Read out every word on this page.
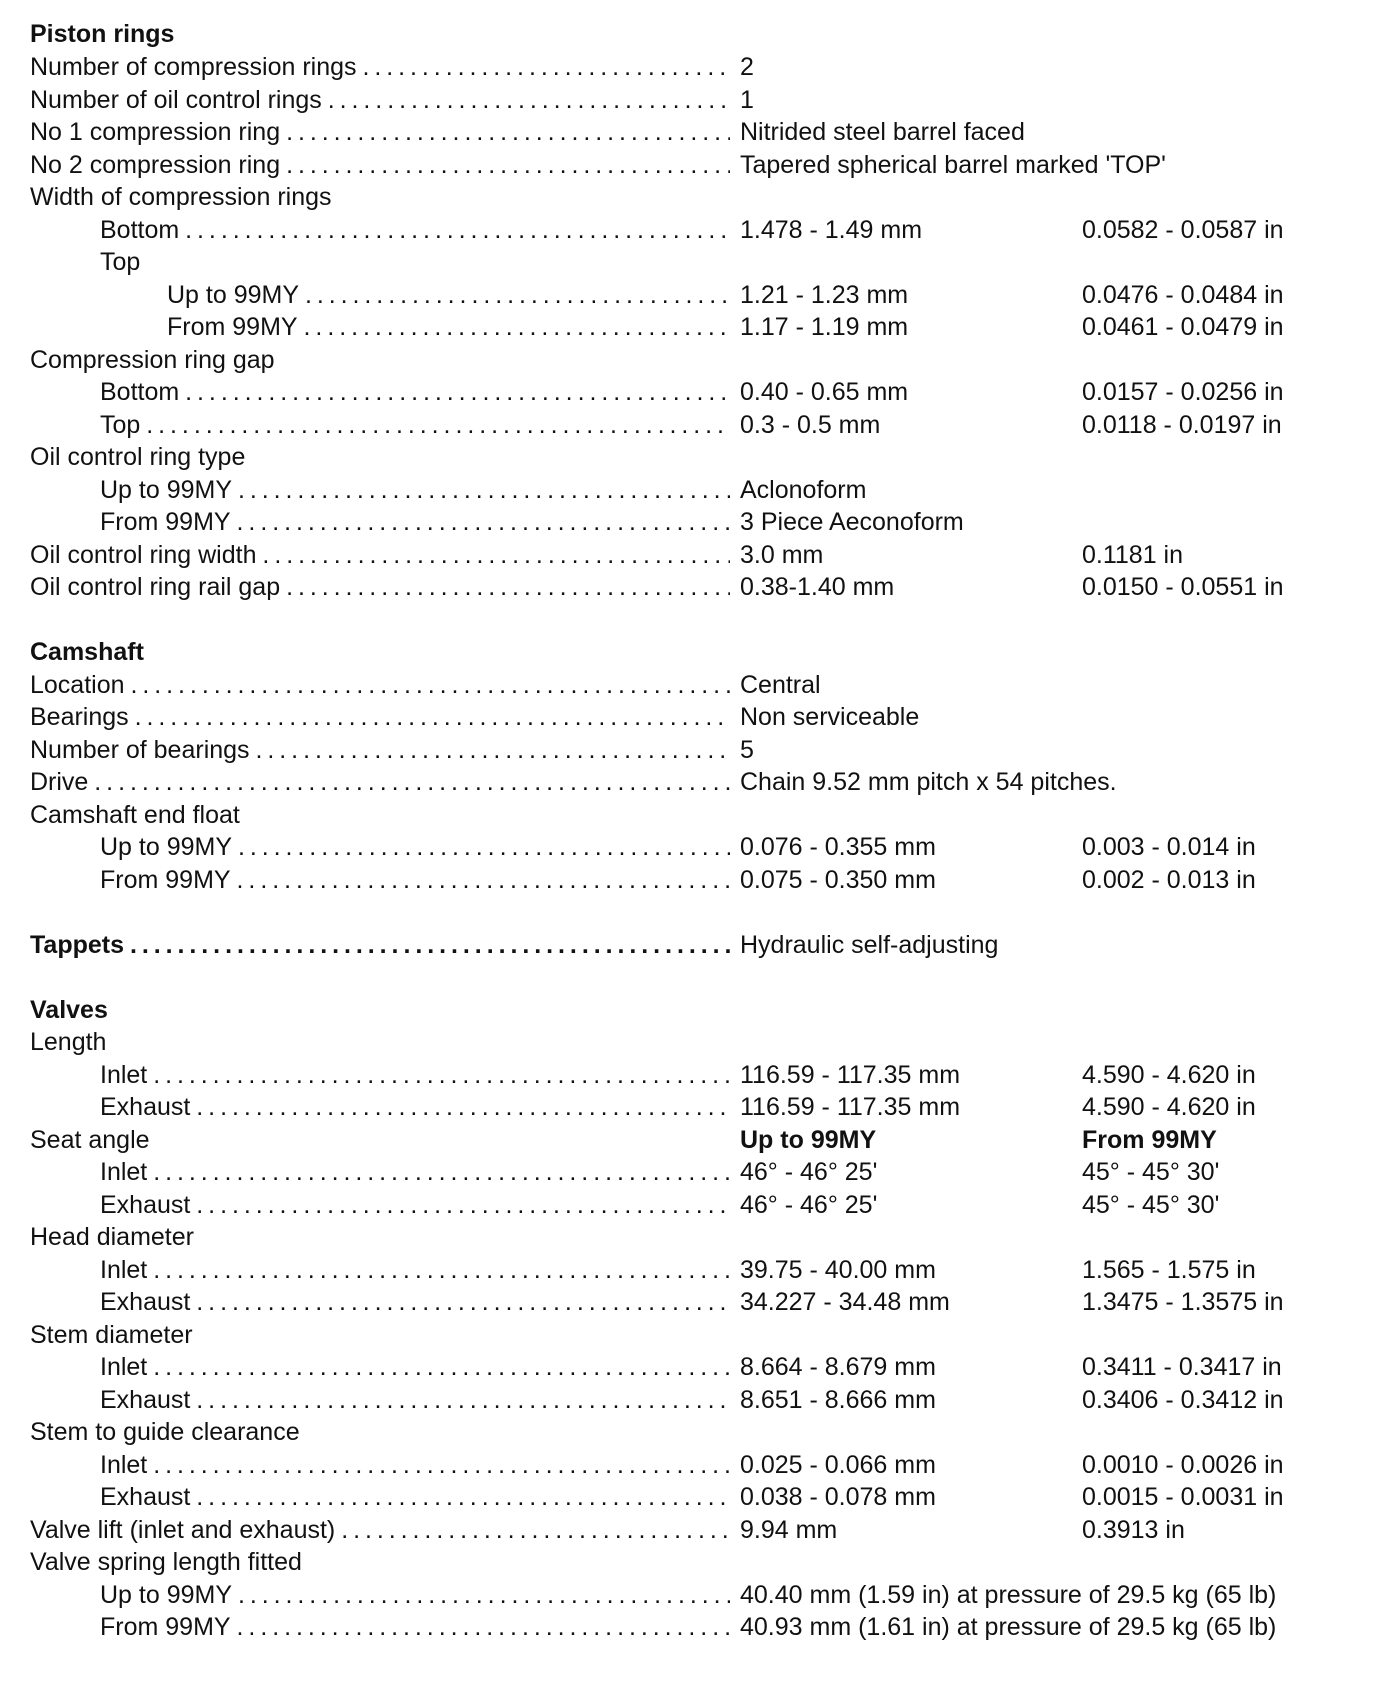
Piston rings
Number of compression rings . . .	2
Number of oil control rings . . .	1
No 1 compression ring . . .	Nitrided steel barrel faced
No 2 compression ring . . .	Tapered spherical barrel marked 'TOP'
Width of compression rings
Bottom . . .	1.478 - 1.49 mm	0.0582 - 0.0587 in
Top
Up to 99MY . . .	1.21 - 1.23 mm	0.0476 - 0.0484 in
From 99MY . . .	1.17 - 1.19 mm	0.0461 - 0.0479 in
Compression ring gap
Bottom . . .	0.40 - 0.65 mm	0.0157 - 0.0256 in
Top . . .	0.3 - 0.5 mm	0.0118 - 0.0197 in
Oil control ring type
Up to 99MY . . .	Aclonoform
From 99MY . . .	3 Piece Aeconoform
Oil control ring width . . .	3.0 mm	0.1181 in
Oil control ring rail gap . . .	0.38-1.40 mm	0.0150 - 0.0551 in
Camshaft
Location . . .	Central
Bearings . . .	Non serviceable
Number of bearings . . .	5
Drive . . .	Chain 9.52 mm pitch x 54 pitches.
Camshaft end float
Up to 99MY . . .	0.076 - 0.355 mm	0.003 - 0.014 in
From 99MY . . .	0.075 - 0.350 mm	0.002 - 0.013 in
Tappets . . .	Hydraulic self-adjusting
Valves
Length
Inlet . . .	116.59 - 117.35 mm	4.590 - 4.620 in
Exhaust . . .	116.59 - 117.35 mm	4.590 - 4.620 in
Seat angle	Up to 99MY	From 99MY
Inlet . . .	46° - 46° 25'	45° - 45° 30'
Exhaust . . .	46° - 46° 25'	45° - 45° 30'
Head diameter
Inlet . . .	39.75 - 40.00 mm	1.565 - 1.575 in
Exhaust . . .	34.227 - 34.48 mm	1.3475 - 1.3575 in
Stem diameter
Inlet . . .	8.664 - 8.679 mm	0.3411 - 0.3417 in
Exhaust . . .	8.651 - 8.666 mm	0.3406 - 0.3412 in
Stem to guide clearance
Inlet . . .	0.025 - 0.066 mm	0.0010 - 0.0026 in
Exhaust . . .	0.038 - 0.078 mm	0.0015 - 0.0031 in
Valve lift (inlet and exhaust) . . .	9.94 mm	0.3913 in
Valve spring length fitted
Up to 99MY . . .	40.40 mm (1.59 in) at pressure of 29.5 kg (65 lb)
From 99MY . . .	40.93 mm (1.61 in) at pressure of 29.5 kg (65 lb)
